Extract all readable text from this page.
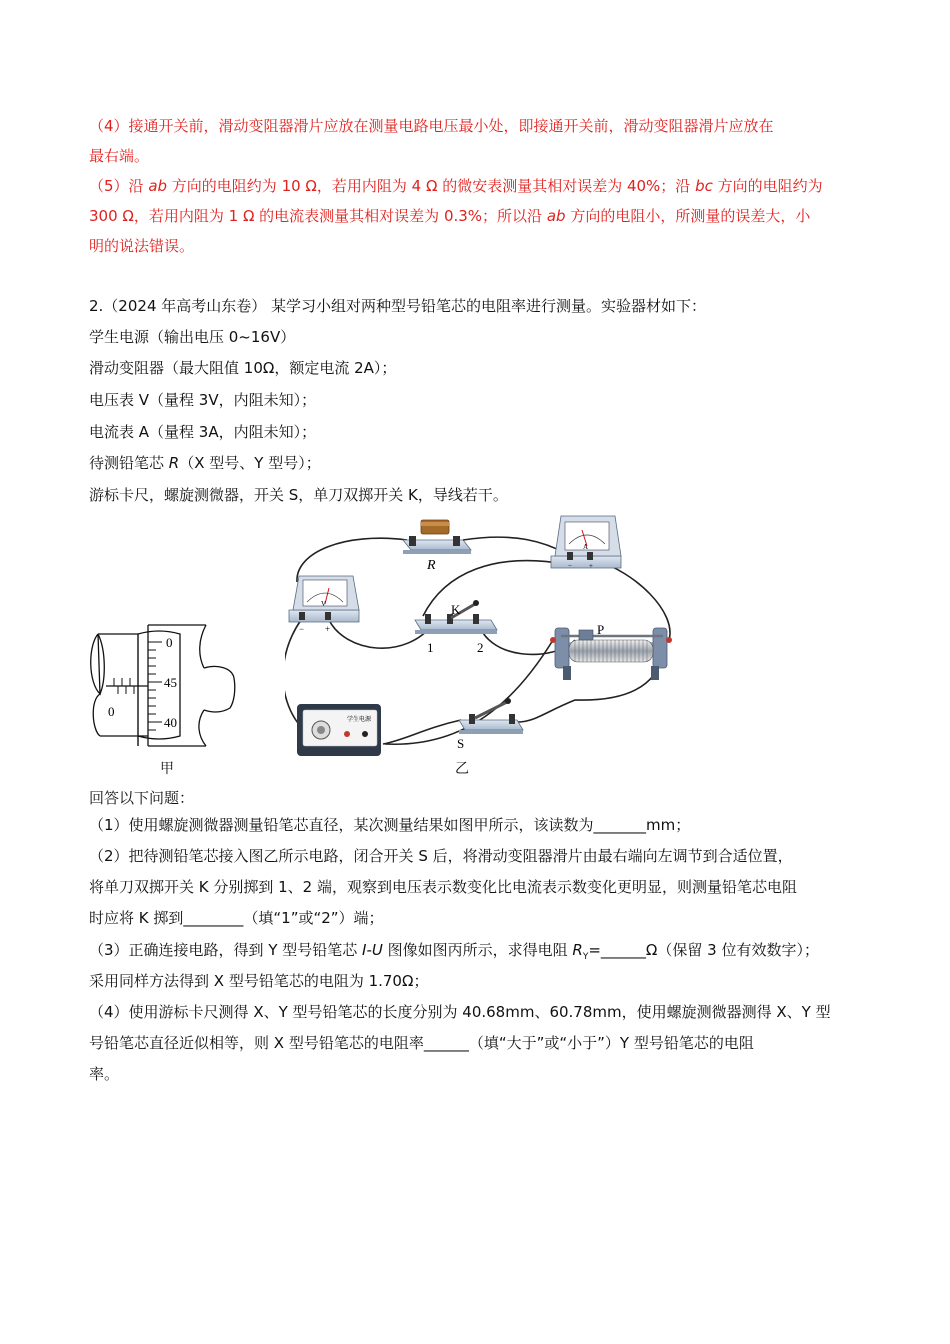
（4）接通开关前，滑动变阻器滑片应放在测量电路电压最小处，即接通开关前，滑动变阻器滑片应放在
最右端。
（5）沿 ab 方向的电阻约为 10 Ω，若用内阻为 4 Ω 的微安表测量其相对误差为 40%；沿 bc 方向的电阻约为
300 Ω，若用内阻为 1 Ω 的电流表测量其相对误差为 0.3%；所以沿 ab 方向的电阻小，所测量的误差大，小
明的说法错误。
2.（2024 年高考山东卷） 某学习小组对两种型号铅笔芯的电阻率进行测量。实验器材如下：
学生电源（输出电压 0~16V）
滑动变阻器（最大阻值 10Ω，额定电流 2A）；
电压表 V（量程 3V，内阻未知）；
电流表 A（量程 3A，内阻未知）；
待测铅笔芯 R（X 型号、Y 型号）；
游标卡尺，螺旋测微器，开关 S，单刀双掷开关 K，导线若干。
0
45
40
0
甲
R
A
− +
V
− +
K
1	2
P
学生电源
S
乙
回答以下问题：
（1）使用螺旋测微器测量铅笔芯直径，某次测量结果如图甲所示，该读数为_______mm；
（2）把待测铅笔芯接入图乙所示电路，闭合开关 S 后，将滑动变阻器滑片由最右端向左调节到合适位置，
将单刀双掷开关 K 分别掷到 1、2 端，观察到电压表示数变化比电流表示数变化更明显，则测量铅笔芯电阻
时应将 K 掷到________（填“1”或“2”）端；
（3）正确连接电路，得到 Y 型号铅笔芯 I-U 图像如图丙所示，求得电阻 $R_Y=\_\_\_\_\_\_\Omega$（保留 3 位有效数字）；
采用同样方法得到 X 型号铅笔芯的电阻为 1.70Ω；
（4）使用游标卡尺测得 X、Y 型号铅笔芯的长度分别为 40.68mm、60.78mm，使用螺旋测微器测得 X、Y 型
号铅笔芯直径近似相等，则 X 型号铅笔芯的电阻率______（填“大于”或“小于”）Y 型号铅笔芯的电阻
率。
